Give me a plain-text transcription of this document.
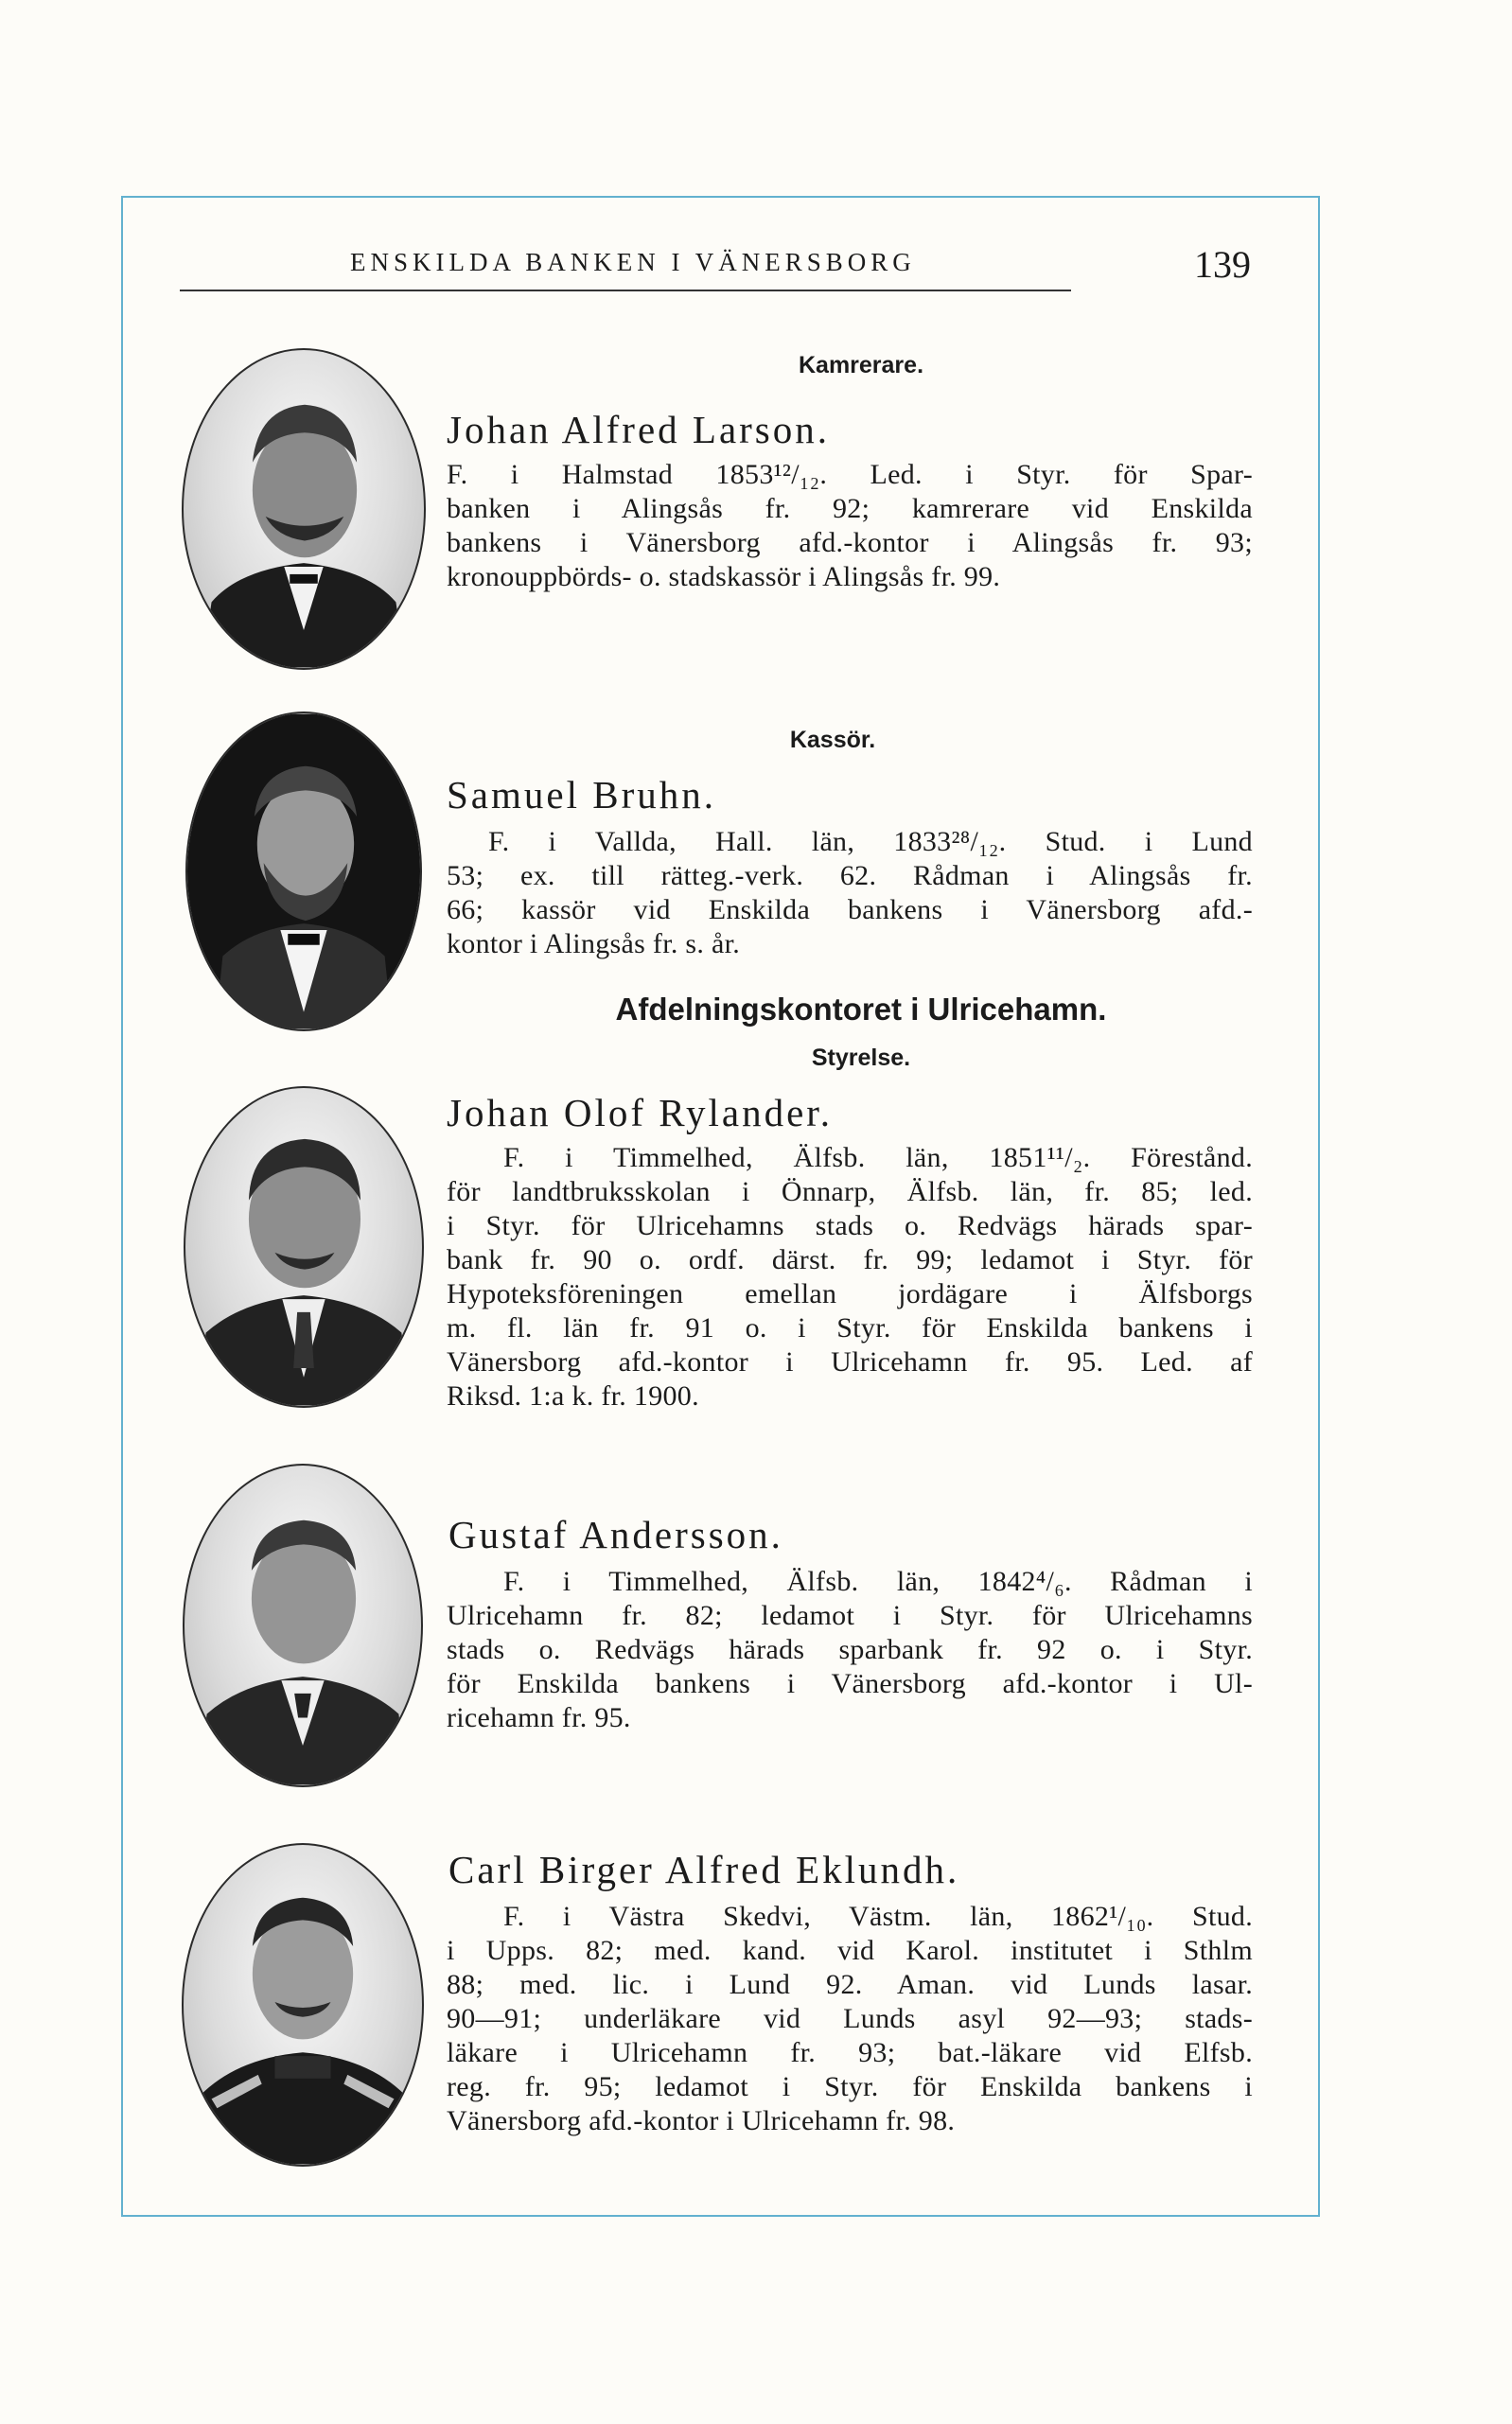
ENSKILDA BANKEN I VÄNERSBORG	139
Kamrerare.
Johan Alfred Larson.

F. i Halmstad 1853¹²/₁₂. Led. i Styr. för Spar-
banken i Alingsås fr. 92; kamrerare vid Enskilda
bankens i Vänersborg afd.-kontor i Alingsås fr. 93;
kronouppbörds- o. stadskassör i Alingsås fr. 99.

Kassör.
Samuel Bruhn.

F. i Vallda, Hall. län, 1833²⁸/₁₂. Stud. i Lund
53; ex. till rätteg.-verk. 62. Rådman i Alingsås fr.
66; kassör vid Enskilda bankens i Vänersborg afd.-
kontor i Alingsås fr. s. år.

Afdelningskontoret i Ulricehamn.
Styrelse.
Johan Olof Rylander.

F. i Timmelhed, Älfsb. län, 1851¹¹/₂. Förestånd.
för landtbruksskolan i Önnarp, Älfsb. län, fr. 85; led.
i Styr. för Ulricehamns stads o. Redvägs härads spar-
bank fr. 90 o. ordf. därst. fr. 99; ledamot i Styr. för
Hypoteksföreningen emellan jordägare i Älfsborgs
m. fl. län fr. 91 o. i Styr. för Enskilda bankens i
Vänersborg afd.-kontor i Ulricehamn fr. 95. Led. af
Riksd. 1:a k. fr. 1900.

Gustaf Andersson.

F. i Timmelhed, Älfsb. län, 1842⁴/₆. Rådman i
Ulricehamn fr. 82; ledamot i Styr. för Ulricehamns
stads o. Redvägs härads sparbank fr. 92 o. i Styr.
för Enskilda bankens i Vänersborg afd.-kontor i Ul-
ricehamn fr. 95.

Carl Birger Alfred Eklundh.

F. i Västra Skedvi, Västm. län, 1862¹/₁₀. Stud.
i Upps. 82; med. kand. vid Karol. institutet i Sthlm
88; med. lic. i Lund 92. Aman. vid Lunds lasar.
90—91; underläkare vid Lunds asyl 92—93; stads-
läkare i Ulricehamn fr. 93; bat.-läkare vid Elfsb.
reg. fr. 95; ledamot i Styr. för Enskilda bankens i
Vänersborg afd.-kontor i Ulricehamn fr. 98.
